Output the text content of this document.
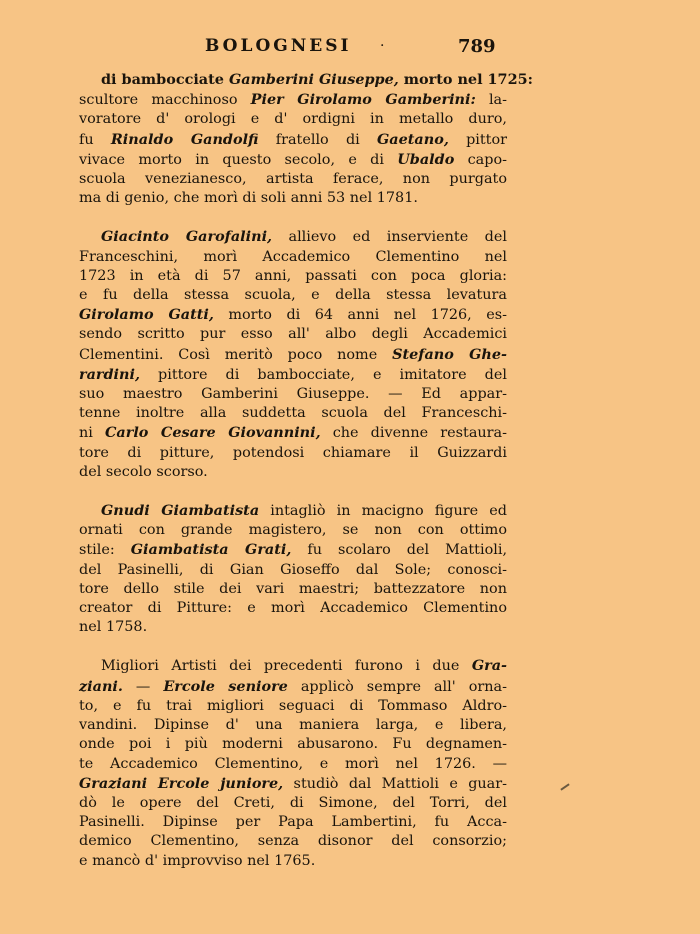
BOLOGNESI ·	789
di bambocciate Gamberini Giuseppe, morto nel 1725:
scultore macchinoso Pier Girolamo Gamberini: la-
voratore d' orologi e d' ordigni in metallo duro,
fu Rinaldo Gandolfi fratello di Gaetano, pittor
vivace morto in questo secolo, e di Ubaldo capo-
scuola venezianesco, artista ferace, non purgato
ma di genio, che morì di soli anni 53 nel 1781.
Giacinto Garofalini, allievo ed inserviente del
Franceschini, morì Accademico Clementino nel
1723 in età di 57 anni, passati con poca gloria:
e fu della stessa scuola, e della stessa levatura
Girolamo Gatti, morto di 64 anni nel 1726, es-
sendo scritto pur esso all' albo degli Accademici
Clementini. Così meritò poco nome Stefano Ghe-
rardini, pittore di bambocciate, e imitatore del
suo maestro Gamberini Giuseppe. — Ed appar-
tenne inoltre alla suddetta scuola del Franceschi-
ni Carlo Cesare Giovannini, che divenne restaura-
tore di pitture, potendosi chiamare il Guizzardi
del secolo scorso.
Gnudi Giambatista intagliò in macigno figure ed
ornati con grande magistero, se non con ottimo
stile: Giambatista Grati, fu scolaro del Mattioli,
del Pasinelli, di Gian Gioseffo dal Sole; conosci-
tore dello stile dei vari maestri; battezzatore non
creator di Pitture: e morì Accademico Clementino
nel 1758.
Migliori Artisti dei precedenti furono i due Gra-
ziani. — Ercole seniore applicò sempre all' orna-
to, e fu trai migliori seguaci di Tommaso Aldro-
vandini. Dipinse d' una maniera larga, e libera,
onde poi i più moderni abusarono. Fu degnamen-
te Accademico Clementino, e morì nel 1726. —
Graziani Ercole juniore, studiò dal Mattioli e guar-
dò le opere del Creti, di Simone, del Torri, del
Pasinelli. Dipinse per Papa Lambertini, fu Acca-
demico Clementino, senza disonor del consorzio;
e mancò d' improvviso nel 1765.
